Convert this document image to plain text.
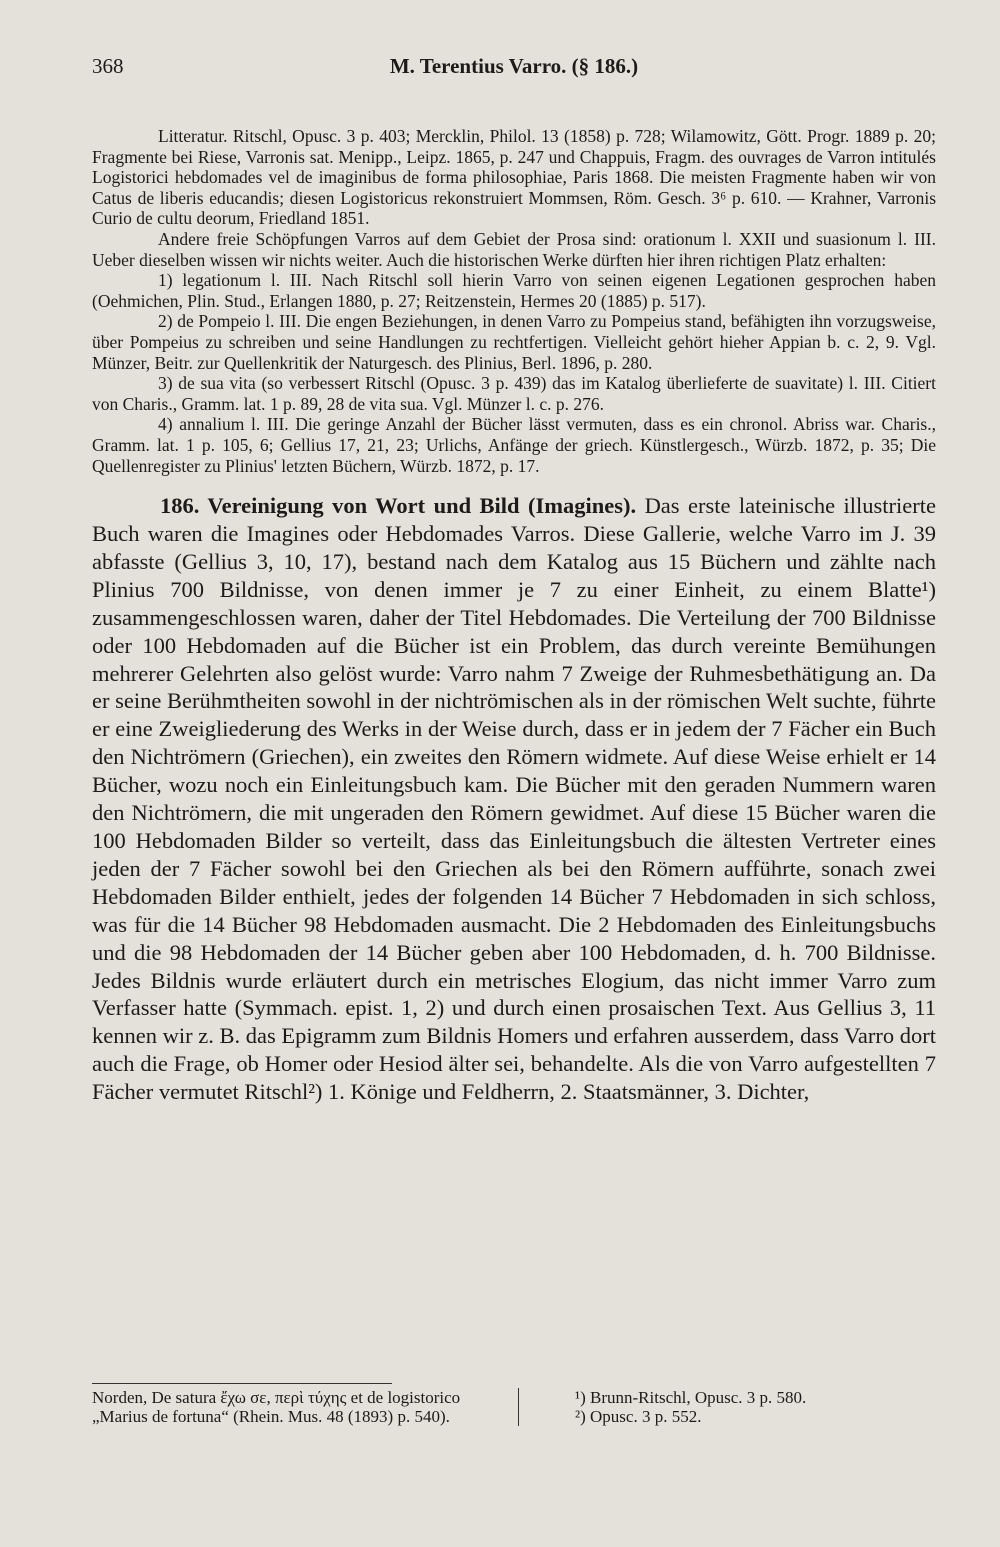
368	M. Terentius Varro. (§ 186.)

Litteratur. Ritschl, Opusc. 3 p. 403; Mercklin, Philol. 13 (1858) p. 728; Wilamowitz, Gött. Progr. 1889 p. 20; Fragmente bei Riese, Varronis sat. Menipp., Leipz. 1865, p. 247 und Chappuis, Fragm. des ouvrages de Varron intitulés Logistorici hebdomades vel de imaginibus de forma philosophiae, Paris 1868. Die meisten Fragmente haben wir von Catus de liberis educandis; diesen Logistoricus rekonstruiert Mommsen, Röm. Gesch. 3⁶ p. 610. — Krahner, Varronis Curio de cultu deorum, Friedland 1851.

Andere freie Schöpfungen Varros auf dem Gebiet der Prosa sind: orationum l. XXII und suasionum l. III. Ueber dieselben wissen wir nichts weiter. Auch die historischen Werke dürften hier ihren richtigen Platz erhalten:

1) legationum l. III. Nach Ritschl soll hierin Varro von seinen eigenen Legationen gesprochen haben (Oehmichen, Plin. Stud., Erlangen 1880, p. 27; Reitzenstein, Hermes 20 (1885) p. 517).

2) de Pompeio l. III. Die engen Beziehungen, in denen Varro zu Pompeius stand, befähigten ihn vorzugsweise, über Pompeius zu schreiben und seine Handlungen zu rechtfertigen. Vielleicht gehört hieher Appian b. c. 2, 9. Vgl. Münzer, Beitr. zur Quellenkritik der Naturgesch. des Plinius, Berl. 1896, p. 280.

3) de sua vita (so verbessert Ritschl (Opusc. 3 p. 439) das im Katalog überlieferte de suavitate) l. III. Citiert von Charis., Gramm. lat. 1 p. 89, 28 de vita sua. Vgl. Münzer l. c. p. 276.

4) annalium l. III. Die geringe Anzahl der Bücher lässt vermuten, dass es ein chronol. Abriss war. Charis., Gramm. lat. 1 p. 105, 6; Gellius 17, 21, 23; Urlichs, Anfänge der griech. Künstlergesch., Würzb. 1872, p. 35; Die Quellenregister zu Plinius' letzten Büchern, Würzb. 1872, p. 17.

186. Vereinigung von Wort und Bild (Imagines). Das erste lateinische illustrierte Buch waren die Imagines oder Hebdomades Varros. Diese Gallerie, welche Varro im J. 39 abfasste (Gellius 3, 10, 17), bestand nach dem Katalog aus 15 Büchern und zählte nach Plinius 700 Bildnisse, von denen immer je 7 zu einer Einheit, zu einem Blatte¹) zusammengeschlossen waren, daher der Titel Hebdomades. Die Verteilung der 700 Bildnisse oder 100 Hebdomaden auf die Bücher ist ein Problem, das durch vereinte Bemühungen mehrerer Gelehrten also gelöst wurde: Varro nahm 7 Zweige der Ruhmesbethätigung an. Da er seine Berühmtheiten sowohl in der nichtrömischen als in der römischen Welt suchte, führte er eine Zweigliederung des Werks in der Weise durch, dass er in jedem der 7 Fächer ein Buch den Nichtrömern (Griechen), ein zweites den Römern widmete. Auf diese Weise erhielt er 14 Bücher, wozu noch ein Einleitungsbuch kam. Die Bücher mit den geraden Nummern waren den Nichtrömern, die mit ungeraden den Römern gewidmet. Auf diese 15 Bücher waren die 100 Hebdomaden Bilder so verteilt, dass das Einleitungsbuch die ältesten Vertreter eines jeden der 7 Fächer sowohl bei den Griechen als bei den Römern aufführte, sonach zwei Hebdomaden Bilder enthielt, jedes der folgenden 14 Bücher 7 Hebdomaden in sich schloss, was für die 14 Bücher 98 Hebdomaden ausmacht. Die 2 Hebdomaden des Einleitungsbuchs und die 98 Hebdomaden der 14 Bücher geben aber 100 Hebdomaden, d. h. 700 Bildnisse. Jedes Bildnis wurde erläutert durch ein metrisches Elogium, das nicht immer Varro zum Verfasser hatte (Symmach. epist. 1, 2) und durch einen prosaischen Text. Aus Gellius 3, 11 kennen wir z. B. das Epigramm zum Bildnis Homers und erfahren ausserdem, dass Varro dort auch die Frage, ob Homer oder Hesiod älter sei, behandelte. Als die von Varro aufgestellten 7 Fächer vermutet Ritschl²) 1. Könige und Feldherrn, 2. Staatsmänner, 3. Dichter,

Norden, De satura ἔχω σε, περὶ τύχης et de logistorico „Marius de fortuna“ (Rhein. Mus. 48 (1893) p. 540).
¹) Brunn-Ritschl, Opusc. 3 p. 580.
²) Opusc. 3 p. 552.
